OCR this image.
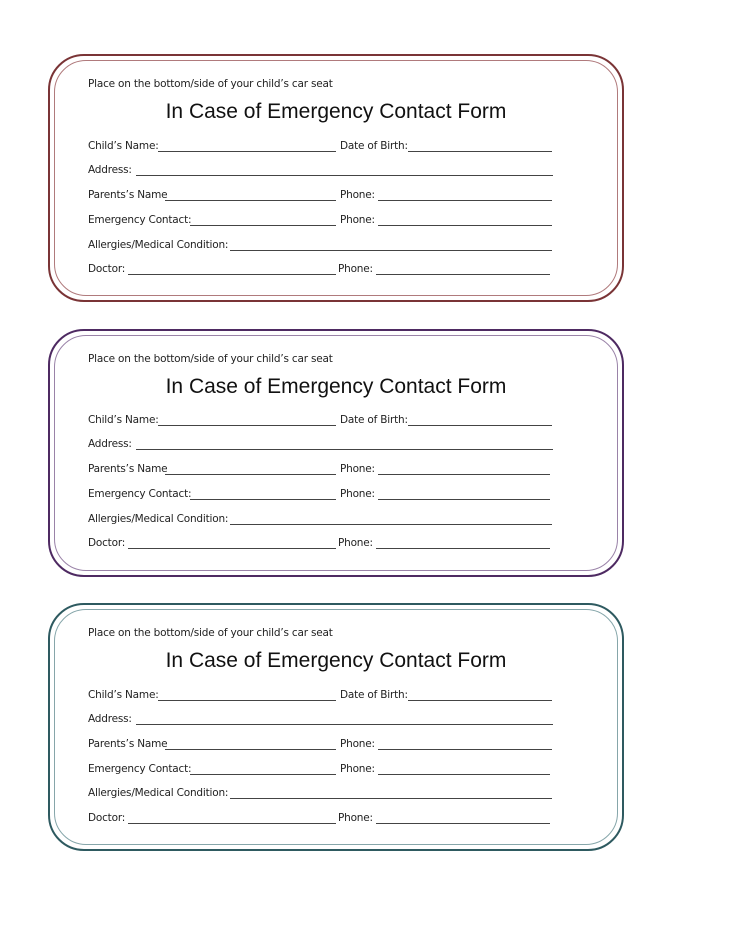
Place on the bottom/side of your child’s car seat
In Case of Emergency Contact Form
Child’s Name:	Date of Birth:
Address:
Parents’s Name	Phone:
Emergency Contact:	Phone:
Allergies/Medical Condition:
Doctor:	Phone:
Place on the bottom/side of your child’s car seat
In Case of Emergency Contact Form
Child’s Name:	Date of Birth:
Address:
Parents’s Name	Phone:
Emergency Contact:	Phone:
Allergies/Medical Condition:
Doctor:	Phone:
Place on the bottom/side of your child’s car seat
In Case of Emergency Contact Form
Child’s Name:	Date of Birth:
Address:
Parents’s Name	Phone:
Emergency Contact:	Phone:
Allergies/Medical Condition:
Doctor:	Phone:
